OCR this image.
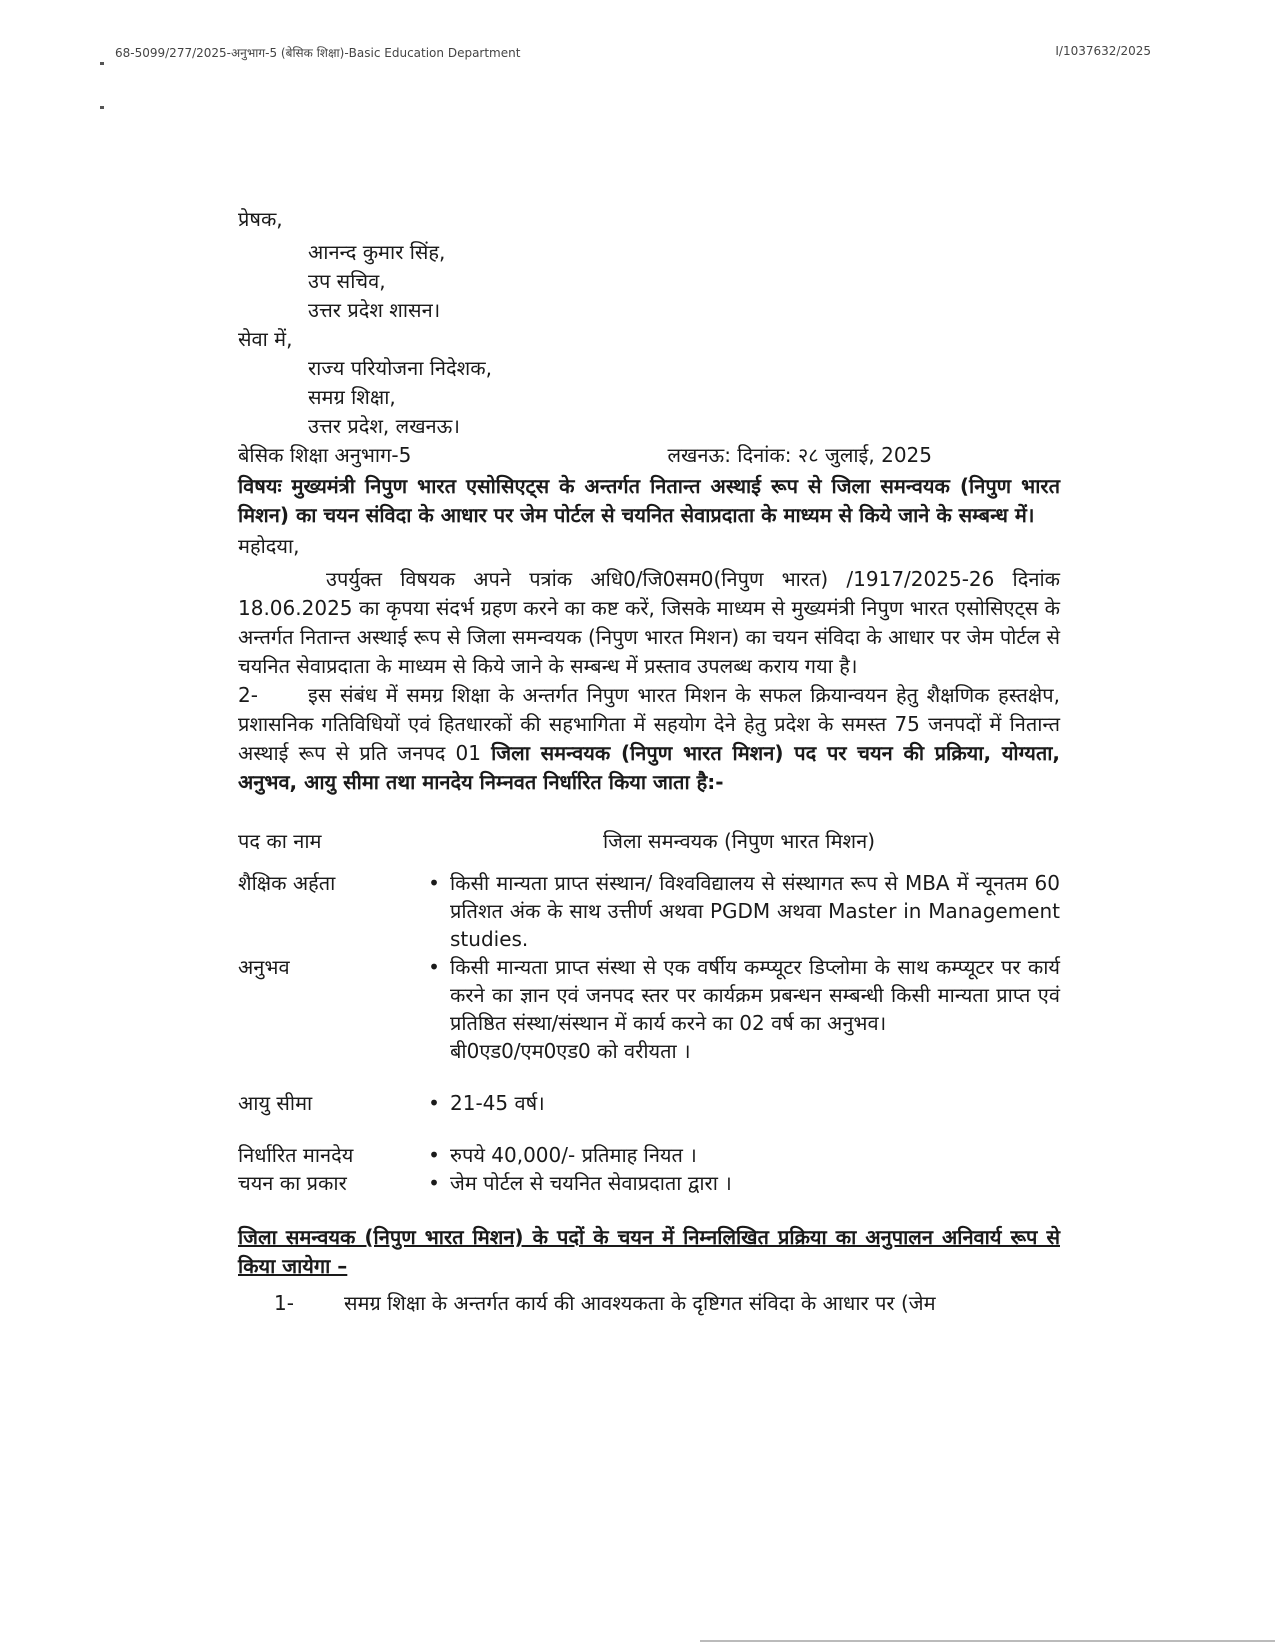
68-5099/277/2025-अनुभाग-5 (बेसिक शिक्षा)-Basic Education Department	I/1037632/2025
प्रेषक,
आनन्द कुमार सिंह,
उप सचिव,
उत्तर प्रदेश शासन।
सेवा में,
राज्य परियोजना निदेशक,
समग्र शिक्षा,
उत्तर प्रदेश, लखनऊ।
बेसिक शिक्षा अनुभाग-5	लखनऊ: दिनांक: २८ जुलाई, 2025
विषयः मुख्यमंत्री निपुण भारत एसोसिएट्स के अन्तर्गत नितान्त अस्थाई रूप से जिला समन्वयक (निपुण भारत मिशन) का चयन संविदा के आधार पर जेम पोर्टल से चयनित सेवाप्रदाता के माध्यम से किये जाने के सम्बन्ध में।
महोदया,
उपर्युक्त विषयक अपने पत्रांक अधि0/जि0सम0(निपुण भारत) /1917/2025-26 दिनांक 18.06.2025 का कृपया संदर्भ ग्रहण करने का कष्ट करें, जिसके माध्यम से मुख्यमंत्री निपुण भारत एसोसिएट्स के अन्तर्गत नितान्त अस्थाई रूप से जिला समन्वयक (निपुण भारत मिशन) का चयन संविदा के आधार पर जेम पोर्टल से चयनित सेवाप्रदाता के माध्यम से किये जाने के सम्बन्ध में प्रस्ताव उपलब्ध कराय गया है।
2-	इस संबंध में समग्र शिक्षा के अन्तर्गत निपुण भारत मिशन के सफल क्रियान्वयन हेतु शैक्षणिक हस्तक्षेप, प्रशासनिक गतिविधियों एवं हितधारकों की सहभागिता में सहयोग देने हेतु प्रदेश के समस्त 75 जनपदों में नितान्त अस्थाई रूप से प्रति जनपद 01 जिला समन्वयक (निपुण भारत मिशन) पद पर चयन की प्रक्रिया, योग्यता, अनुभव, आयु सीमा तथा मानदेय निम्नवत निर्धारित किया जाता है:-
पद का नाम	जिला समन्वयक (निपुण भारत मिशन)	

शैक्षिक अर्हता	•	किसी मान्यता प्राप्त संस्थान/ विश्वविद्यालय से संस्थागत रूप से MBA में न्यूनतम 60 प्रतिशत अंक के साथ उत्तीर्ण अथवा PGDM अथवा Master in Management studies.
अनुभव	•	किसी मान्यता प्राप्त संस्था से एक वर्षीय कम्प्यूटर डिप्लोमा के साथ कम्प्यूटर पर कार्य करने का ज्ञान एवं जनपद स्तर पर कार्यक्रम प्रबन्धन सम्बन्धी किसी मान्यता प्राप्त एवं प्रतिष्ठित संस्था/संस्थान में कार्य करने का 02 वर्ष का अनुभव।
बी0एड0/एम0एड0 को वरीयता ।

आयु सीमा	•	21-45 वर्ष।

निर्धारित मानदेय	•	रुपये 40,000/- प्रतिमाह नियत ।
चयन का प्रकार	•	जेम पोर्टल से चयनित सेवाप्रदाता द्वारा ।
जिला समन्वयक (निपुण भारत मिशन) के पदों के चयन में निम्नलिखित प्रक्रिया का अनुपालन अनिवार्य रूप से किया जायेगा –
1-	समग्र शिक्षा के अन्तर्गत कार्य की आवश्यकता के दृष्टिगत संविदा के आधार पर (जेम
